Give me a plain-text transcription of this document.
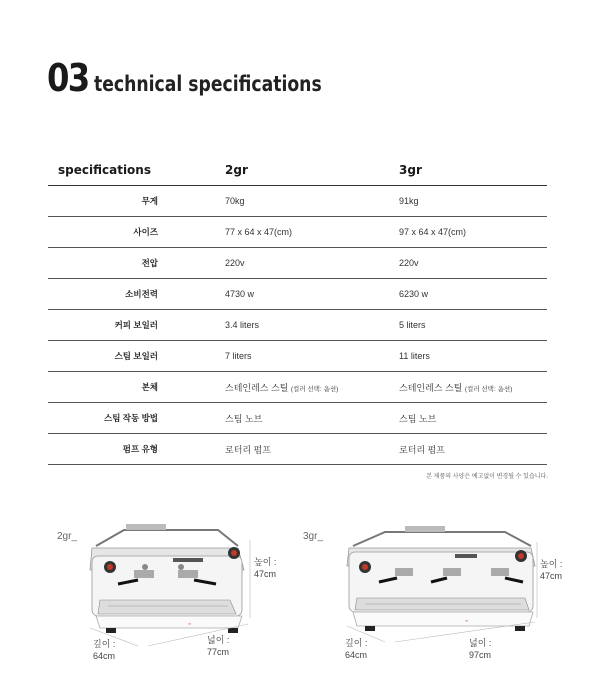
03 technical specifications
specifications	2gr	3gr
무게	70kg	91kg
사이즈	77 x 64 x 47(cm)	97 x 64 x 47(cm)
전압	220v	220v
소비전력	4730 w	6230 w
커피 보일러	3.4 liters	5 liters
스팀 보일러	7 liters	11 liters
본체	스테인레스 스틸 (컬러 선택: 옵션)	스테인레스 스틸 (컬러 선택: 옵션)
스팀 작동 방법	스팀 노브	스팀 노브
펌프 유형	로터리 펌프	로터리 펌프
본 제품의 사양은 예고없이 변경될 수 있습니다.
2gr_
≈
높이 :
47cm
깊이 :
64cm
넓이 :
77cm
3gr_
≈
높이 :
47cm
깊이 :
64cm
넓이 :
97cm
